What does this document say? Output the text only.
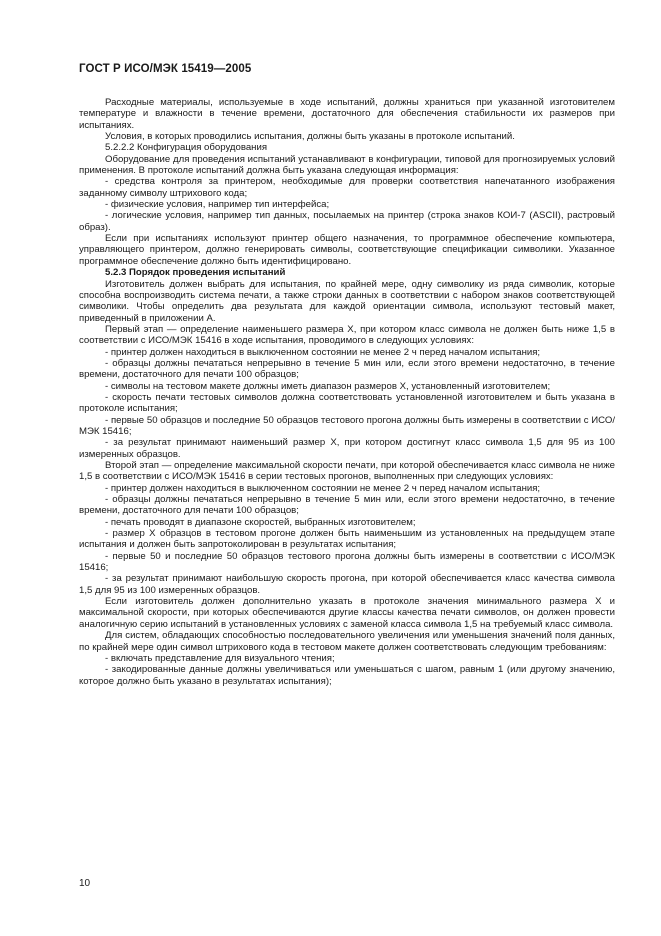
ГОСТ Р ИСО/МЭК 15419—2005

Расходные материалы, используемые в ходе испытаний, должны храниться при указанной изготовителем температуре и влажности в течение времени, достаточного для обеспечения стабильности их размеров при испытаниях.

Условия, в которых проводились испытания, должны быть указаны в протоколе испытаний.

5.2.2.2 Конфигурация оборудования

Оборудование для проведения испытаний устанавливают в конфигурации, типовой для прогнозируемых условий применения. В протоколе испытаний должна быть указана следующая информация:

- средства контроля за принтером, необходимые для проверки соответствия напечатанного изображения заданному символу штрихового кода;

- физические условия, например тип интерфейса;

- логические условия, например тип данных, посылаемых на принтер (строка знаков КОИ-7 (ASCII), растровый образ).

Если при испытаниях используют принтер общего назначения, то программное обеспечение компьютера, управляющего принтером, должно генерировать символы, соответствующие спецификации символики. Указанное программное обеспечение должно быть идентифицировано.

5.2.3 Порядок проведения испытаний

Изготовитель должен выбрать для испытания, по крайней мере, одну символику из ряда символик, которые способна воспроизводить система печати, а также строки данных в соответствии с набором знаков соответствующей символики. Чтобы определить два результата для каждой ориентации символа, используют тестовый макет, приведенный в приложении А.

Первый этап — определение наименьшего размера X, при котором класс символа не должен быть ниже 1,5 в соответствии с ИСО/МЭК 15416 в ходе испытания, проводимого в следующих условиях:

- принтер должен находиться в выключенном состоянии не менее 2 ч перед началом испытания;

- образцы должны печататься непрерывно в течение 5 мин или, если этого времени недостаточно, в течение времени, достаточного для печати 100 образцов;

- символы на тестовом макете должны иметь диапазон размеров X, установленный изготовителем;

- скорость печати тестовых символов должна соответствовать установленной изготовителем и быть указана в протоколе испытания;

- первые 50 образцов и последние 50 образцов тестового прогона должны быть измерены в соответствии с ИСО/МЭК 15416;

- за результат принимают наименьший размер X, при котором достигнут класс символа 1,5 для 95 из 100 измеренных образцов.

Второй этап — определение максимальной скорости печати, при которой обеспечивается класс символа не ниже 1,5 в соответствии с ИСО/МЭК 15416 в серии тестовых прогонов, выполненных при следующих условиях:

- принтер должен находиться в выключенном состоянии не менее 2 ч перед началом испытания;

- образцы должны печататься непрерывно в течение 5 мин или, если этого времени недостаточно, в течение времени, достаточного для печати 100 образцов;

- печать проводят в диапазоне скоростей, выбранных изготовителем;

- размер X образцов в тестовом прогоне должен быть наименьшим из установленных на предыдущем этапе испытания и должен быть запротоколирован в результатах испытания;

- первые 50 и последние 50 образцов тестового прогона должны быть измерены в соответствии с ИСО/МЭК 15416;

- за результат принимают наибольшую скорость прогона, при которой обеспечивается класс качества символа 1,5 для 95 из 100 измеренных образцов.

Если изготовитель должен дополнительно указать в протоколе значения минимального размера X и максимальной скорости, при которых обеспечиваются другие классы качества печати символов, он должен провести аналогичную серию испытаний в установленных условиях с заменой класса символа 1,5 на требуемый класс символа.

Для систем, обладающих способностью последовательного увеличения или уменьшения значений поля данных, по крайней мере один символ штрихового кода в тестовом макете должен соответствовать следующим требованиям:

- включать представление для визуального чтения;

- закодированные данные должны увеличиваться или уменьшаться с шагом, равным 1 (или другому значению, которое должно быть указано в результатах испытания);

10
